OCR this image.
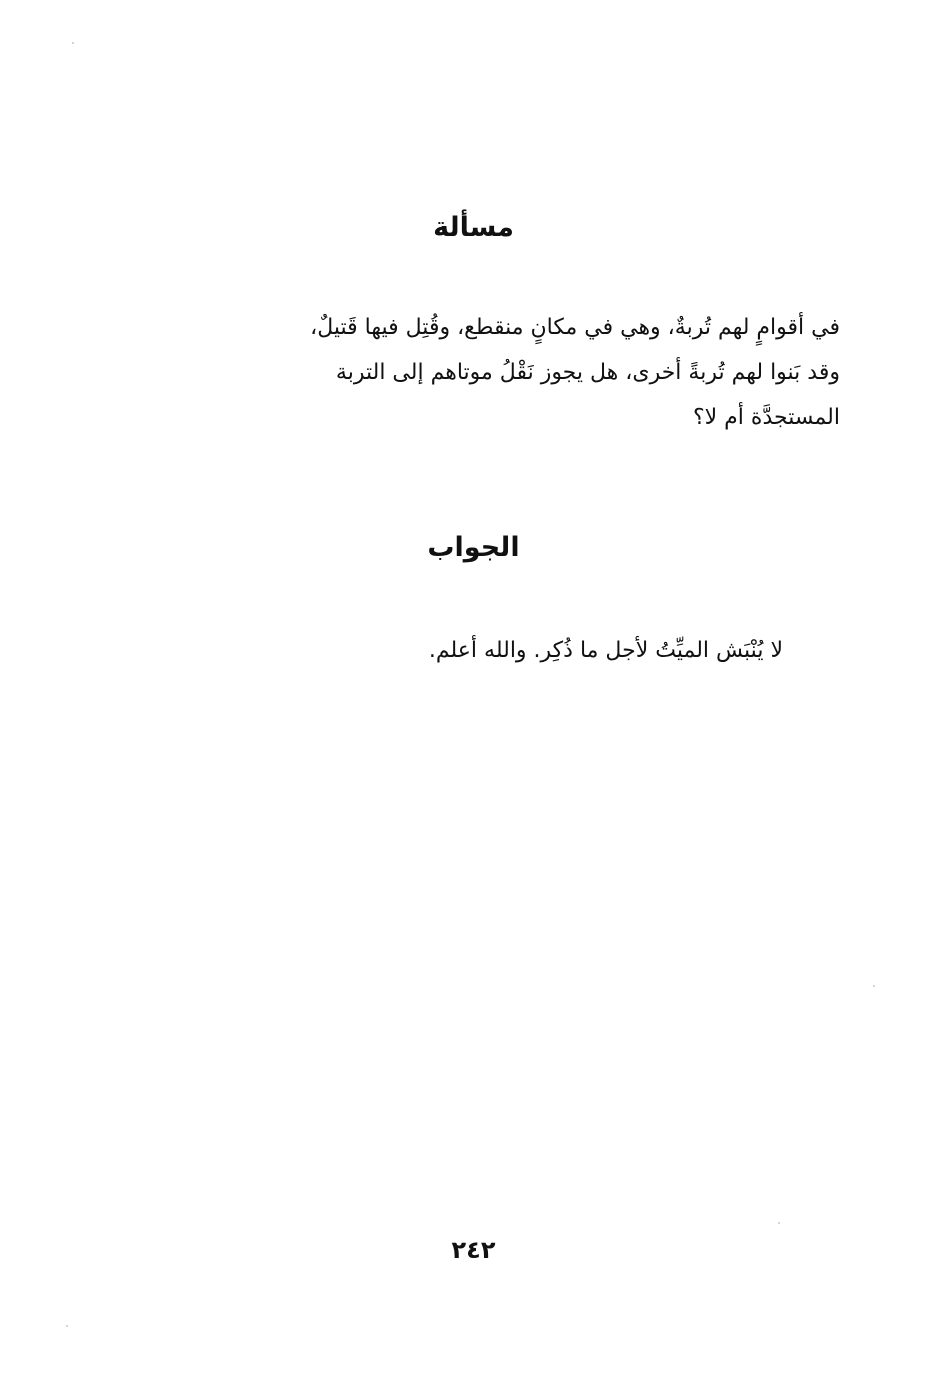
مسألة
في أقوامٍ لهم تُربةٌ، وهي في مكانٍ منقطع، وقُتِل فيها قَتيلٌ،
وقد بَنوا لهم تُربةً أخرى، هل يجوز نَقْلُ موتاهم إلى التربة
المستجدَّة أم لا؟
الجواب
لا يُنْبَش الميِّتُ لأجل ما ذُكِر. والله أعلم.
٢٤٢
